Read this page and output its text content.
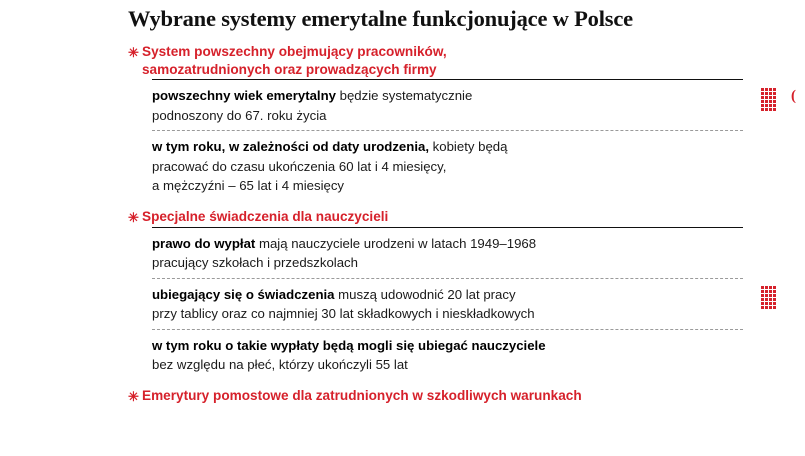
Wybrane systemy emerytalne funkcjonujące w Polsce
✳ System powszechny obejmujący pracowników,
samozatrudnionych oraz prowadzących firmy
powszechny wiek emerytalny będzie systematycznie
podnoszony do 67. roku życia
w tym roku, w zależności od daty urodzenia, kobiety będą
pracować do czasu ukończenia 60 lat i 4 miesięcy,
a mężczyźni – 65 lat i 4 miesięcy
✳ Specjalne świadczenia dla nauczycieli
prawo do wypłat mają nauczyciele urodzeni w latach 1949–1968
pracujący szkołach i przedszkolach
ubiegający się o świadczenia muszą udowodnić 20 lat pracy
przy tablicy oraz co najmniej 30 lat składkowych i nieskładkowych
w tym roku o takie wypłaty będą mogli się ubiegać nauczyciele
bez względu na płeć, którzy ukończyli 55 lat
✳ Emerytury pomostowe dla zatrudnionych w szkodliwych warunkach
(
